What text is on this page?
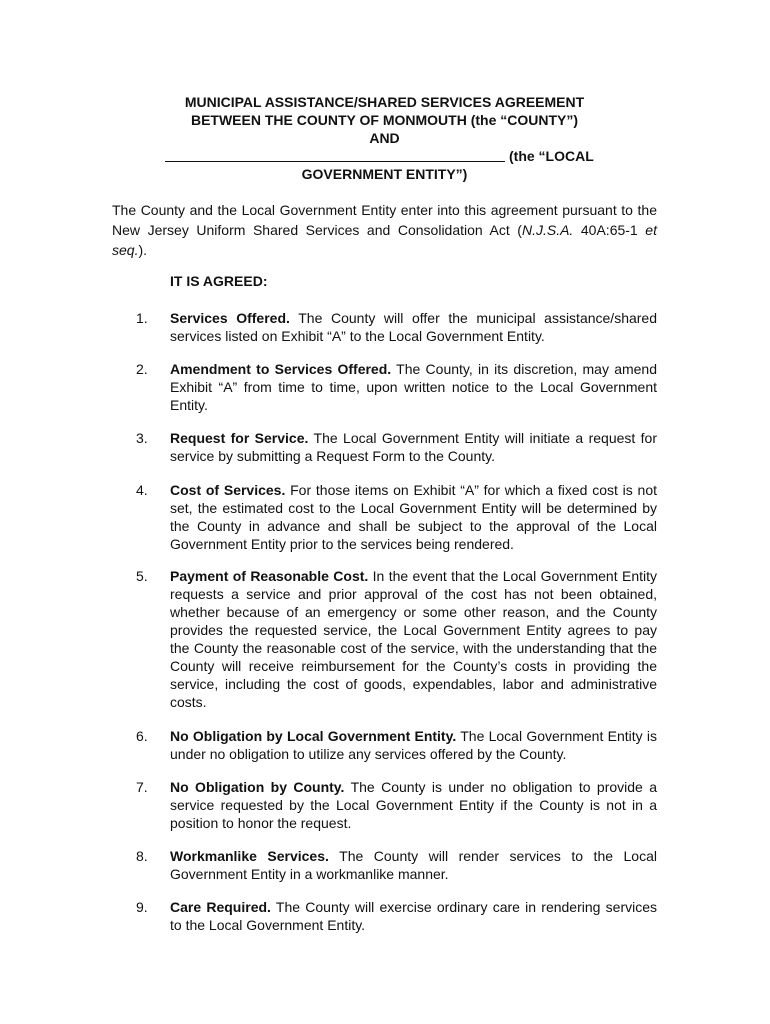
MUNICIPAL ASSISTANCE/SHARED SERVICES AGREEMENT
BETWEEN THE COUNTY OF MONMOUTH (the “COUNTY”)
AND
GOVERNMENT ENTITY”)
(the “LOCAL
The County and the Local Government Entity enter into this agreement pursuant to the New Jersey Uniform Shared Services and Consolidation Act (N.J.S.A. 40A:65-1 et seq.).
IT IS AGREED:
1. Services Offered. The County will offer the municipal assistance/shared services listed on Exhibit “A” to the Local Government Entity.
2. Amendment to Services Offered. The County, in its discretion, may amend Exhibit “A” from time to time, upon written notice to the Local Government Entity.
3. Request for Service. The Local Government Entity will initiate a request for service by submitting a Request Form to the County.
4. Cost of Services. For those items on Exhibit “A” for which a fixed cost is not set, the estimated cost to the Local Government Entity will be determined by the County in advance and shall be subject to the approval of the Local Government Entity prior to the services being rendered.
5. Payment of Reasonable Cost. In the event that the Local Government Entity requests a service and prior approval of the cost has not been obtained, whether because of an emergency or some other reason, and the County provides the requested service, the Local Government Entity agrees to pay the County the reasonable cost of the service, with the understanding that the County will receive reimbursement for the County’s costs in providing the service, including the cost of goods, expendables, labor and administrative costs.
6. No Obligation by Local Government Entity. The Local Government Entity is under no obligation to utilize any services offered by the County.
7. No Obligation by County. The County is under no obligation to provide a service requested by the Local Government Entity if the County is not in a position to honor the request.
8. Workmanlike Services. The County will render services to the Local Government Entity in a workmanlike manner.
9. Care Required. The County will exercise ordinary care in rendering services to the Local Government Entity.
